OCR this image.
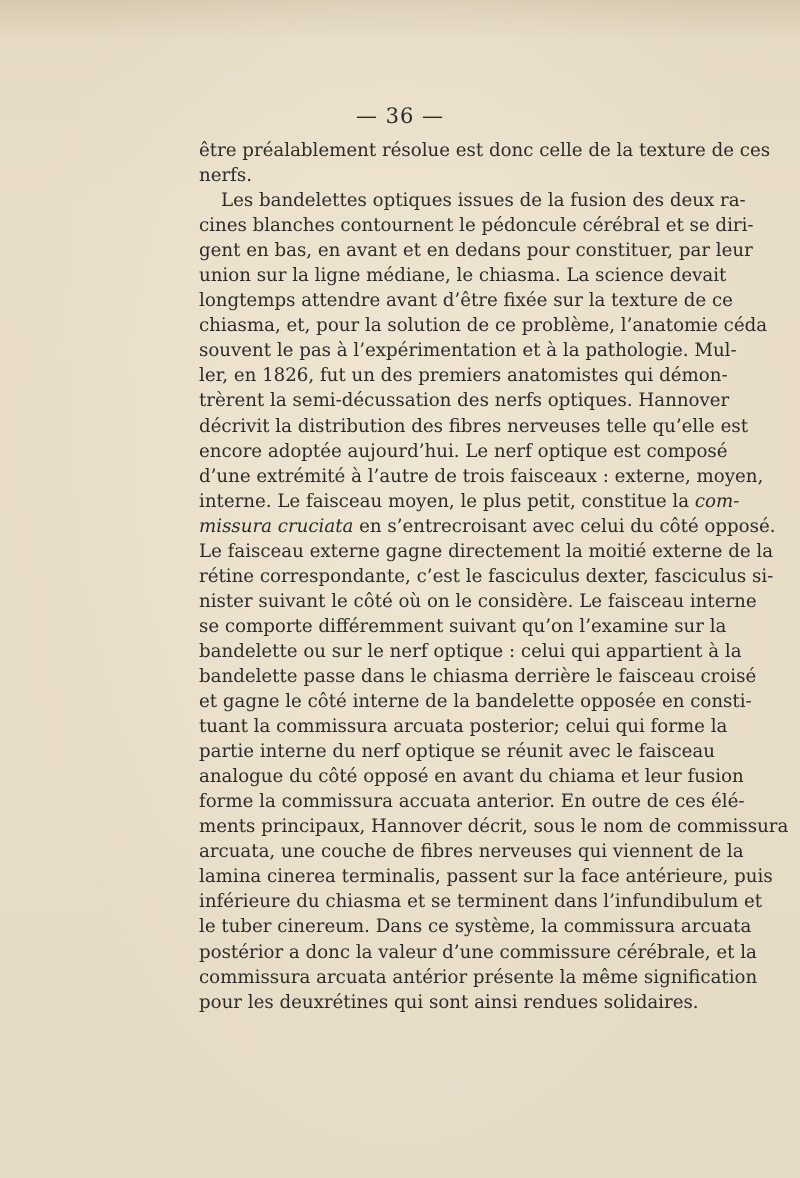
— 36 —
être préalablement résolue est donc celle de la texture de ces
nerfs.
Les bandelettes optiques issues de la fusion des deux ra-
cines blanches contournent le pédoncule cérébral et se diri-
gent en bas, en avant et en dedans pour constituer, par leur
union sur la ligne médiane, le chiasma. La science devait
longtemps attendre avant d’être fixée sur la texture de ce
chiasma, et, pour la solution de ce problème, l’anatomie céda
souvent le pas à l’expérimentation et à la pathologie. Mul-
ler, en 1826, fut un des premiers anatomistes qui démon-
trèrent la semi-décussation des nerfs optiques. Hannover
décrivit la distribution des fibres nerveuses telle qu’elle est
encore adoptée aujourd’hui. Le nerf optique est composé
d’une extrémité à l’autre de trois faisceaux : externe, moyen,
interne. Le faisceau moyen, le plus petit, constitue la com-
missura cruciata en s’entrecroisant avec celui du côté opposé.
Le faisceau externe gagne directement la moitié externe de la
rétine correspondante, c’est le fasciculus dexter, fasciculus si-
nister suivant le côté où on le considère. Le faisceau interne
se comporte différemment suivant qu’on l’examine sur la
bandelette ou sur le nerf optique : celui qui appartient à la
bandelette passe dans le chiasma derrière le faisceau croisé
et gagne le côté interne de la bandelette opposée en consti-
tuant la commissura arcuata posterior; celui qui forme la
partie interne du nerf optique se réunit avec le faisceau
analogue du côté opposé en avant du chiama et leur fusion
forme la commissura accuata anterior. En outre de ces élé-
ments principaux, Hannover décrit, sous le nom de commissura
arcuata, une couche de fibres nerveuses qui viennent de la
lamina cinerea terminalis, passent sur la face antérieure, puis
inférieure du chiasma et se terminent dans l’infundibulum et
le tuber cinereum. Dans ce système, la commissura arcuata
postérior a donc la valeur d’une commissure cérébrale, et la
commissura arcuata antérior présente la même signification
pour les deuxrétines qui sont ainsi rendues solidaires.
